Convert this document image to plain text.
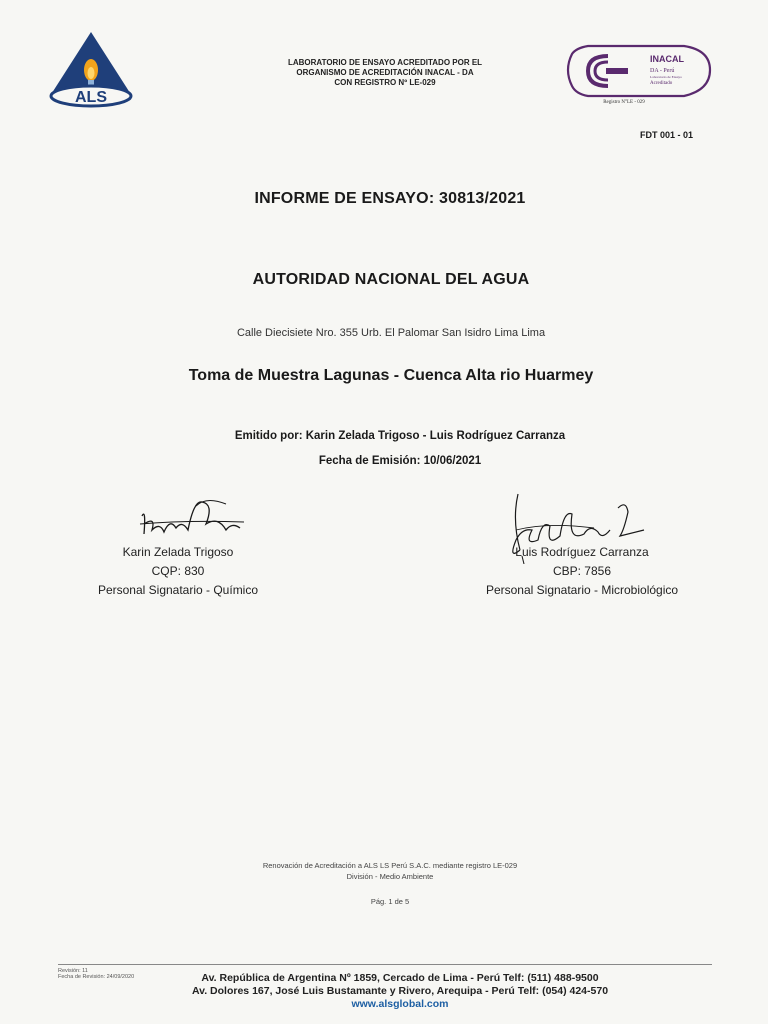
ALS
LABORATORIO DE ENSAYO ACREDITADO POR EL
ORGANISMO DE ACREDITACIÓN INACAL - DA
CON REGISTRO Nº LE-029
INACAL
DA - Perú
Laboratorio de Ensayo
Acreditado
Registro N°LE - 029
FDT 001 - 01
INFORME DE ENSAYO: 30813/2021
AUTORIDAD NACIONAL DEL AGUA
Calle Diecisiete Nro. 355 Urb. El Palomar San Isidro Lima Lima
Toma de Muestra Lagunas - Cuenca Alta rio Huarmey
Emitido por: Karin Zelada Trigoso - Luis Rodríguez Carranza
Fecha de Emisión: 10/06/2021
Karin Zelada Trigoso
CQP: 830
Personal Signatario - Químico
Luis Rodríguez Carranza
CBP: 7856
Personal Signatario - Microbiológico
Renovación de Acreditación a ALS LS Perú S.A.C. mediante registro LE-029
División - Medio Ambiente
Pág. 1 de 5
Revisión: 11
Fecha de Revisión: 24/09/2020	Av. República de Argentina Nº 1859, Cercado de Lima - Perú Telf: (511) 488-9500
Av. Dolores 167, José Luis Bustamante y Rivero, Arequipa - Perú Telf: (054) 424-570
www.alsglobal.com
